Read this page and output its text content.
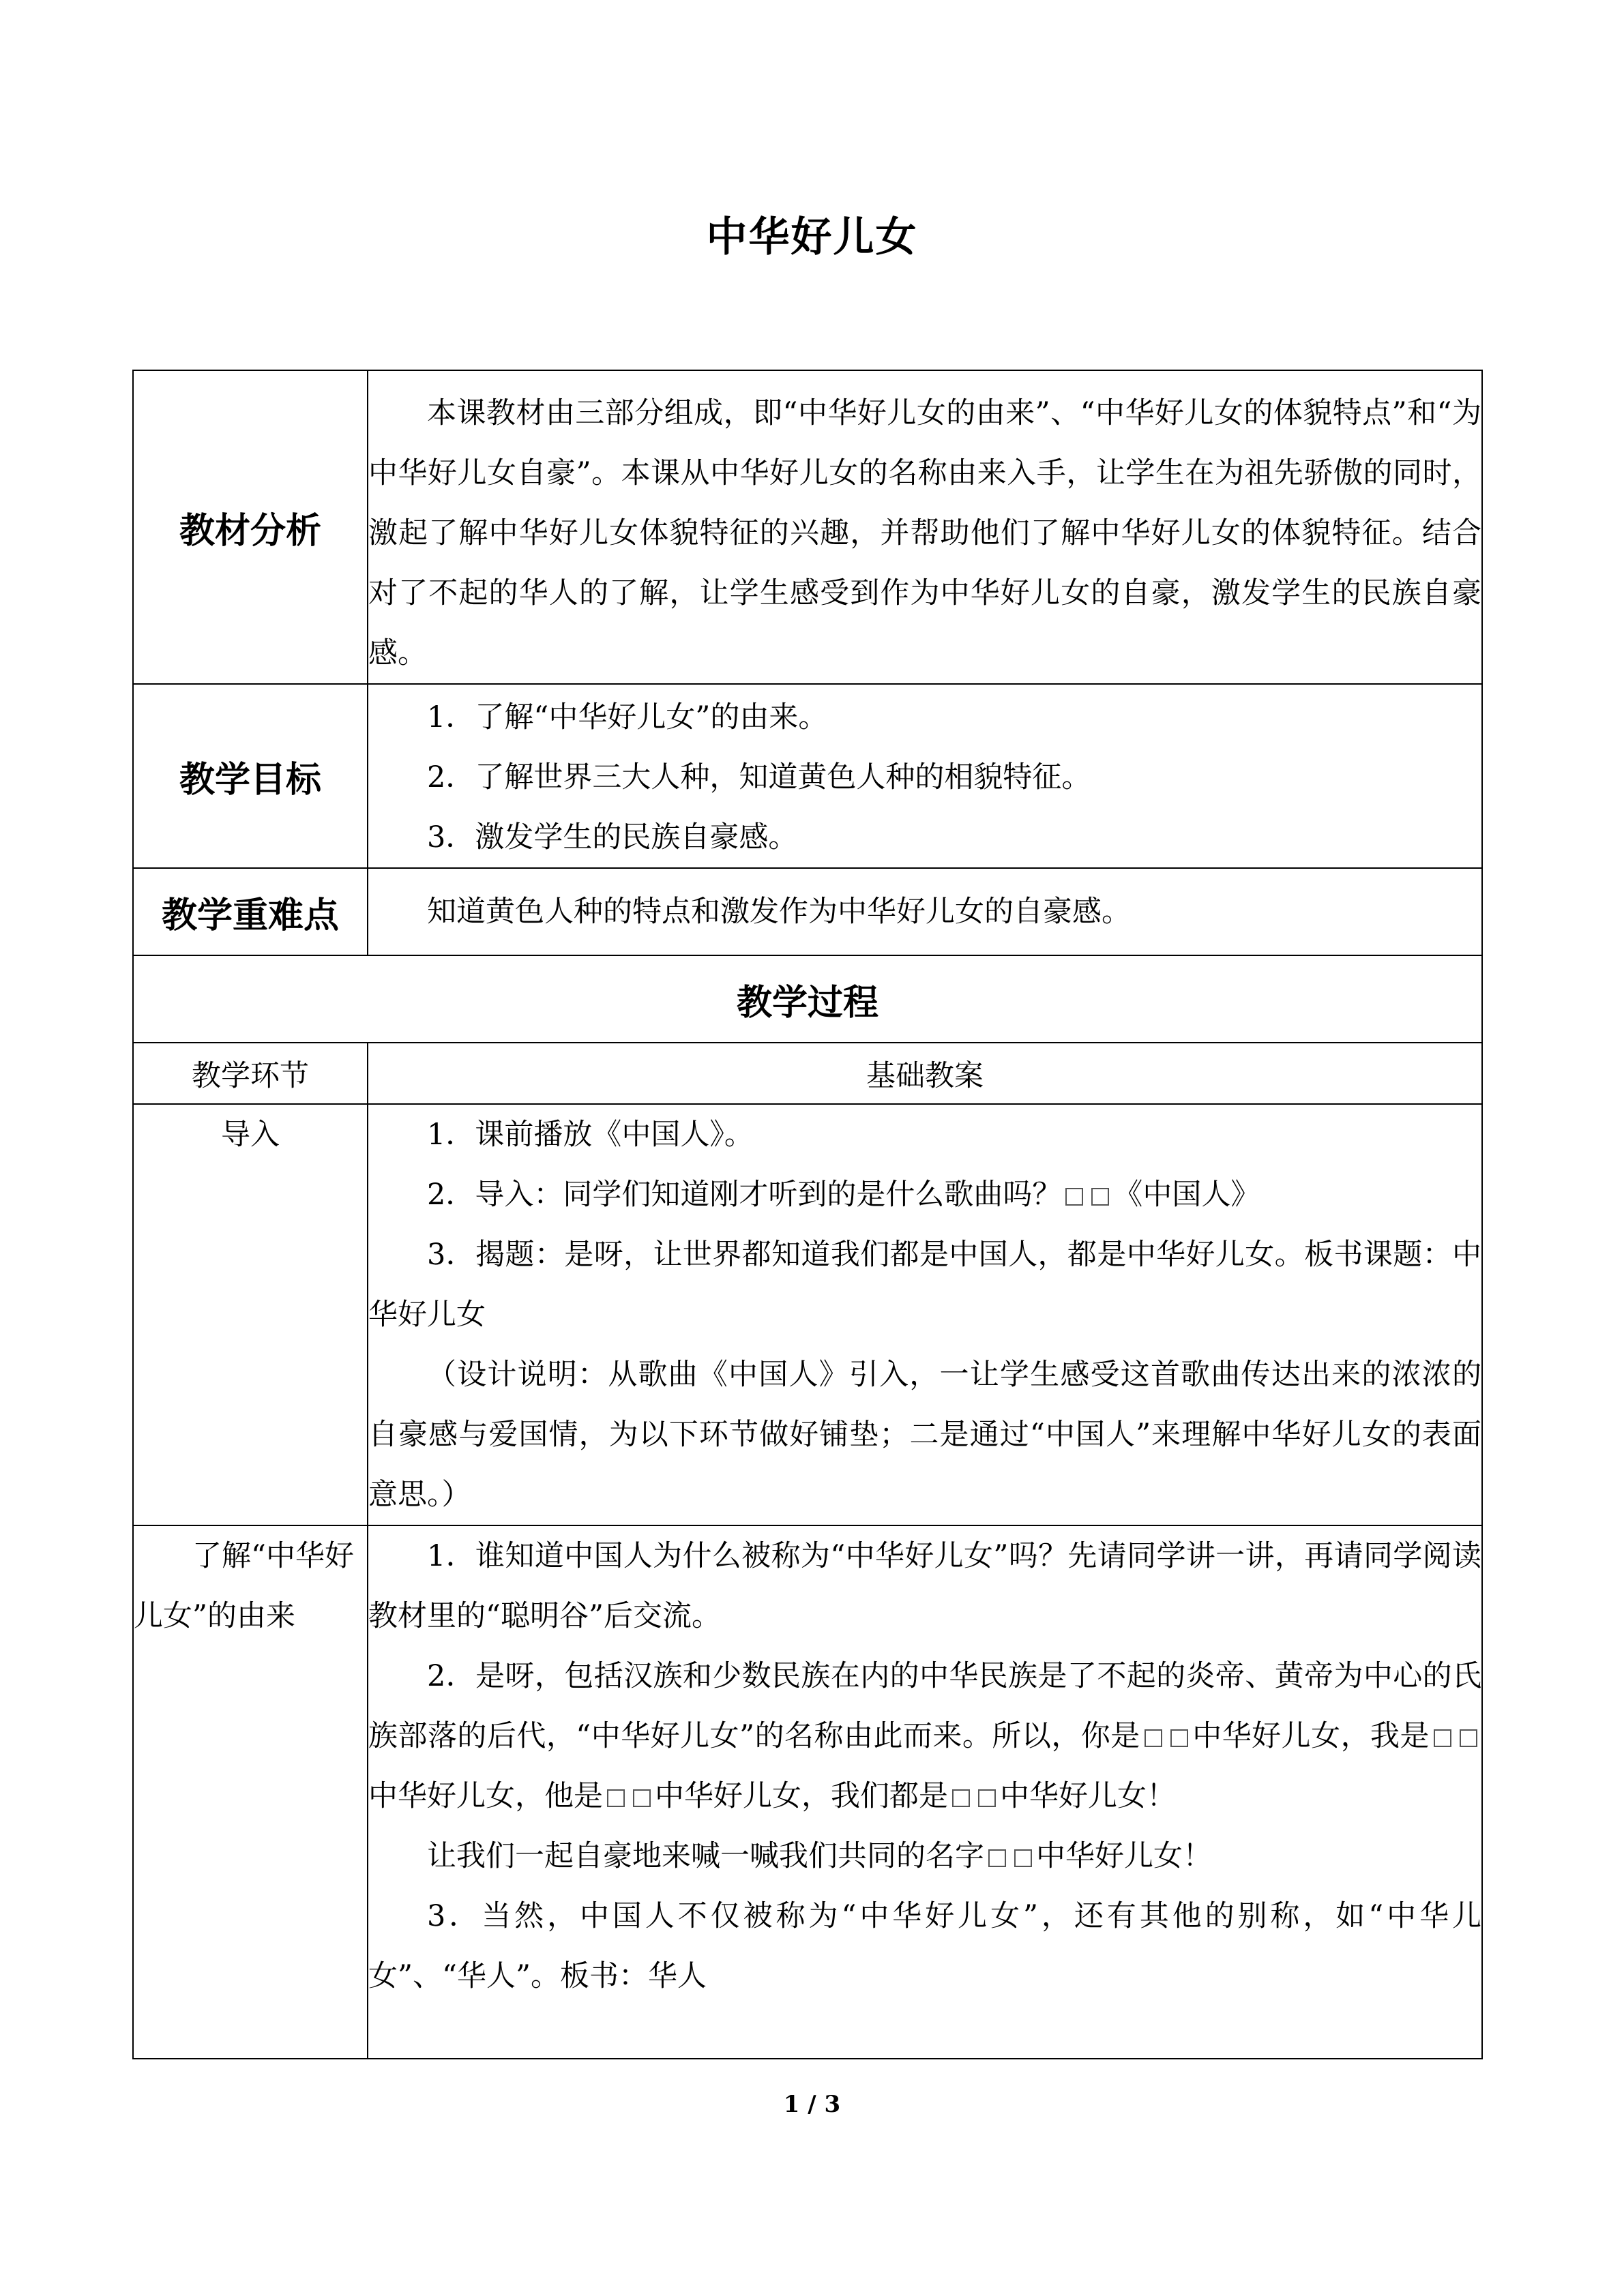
中华好儿女
教材分析	本课教材由三部分组成，即“中华好儿女的由来”、“中华好儿女的体貌特点”和“为中华好儿女自豪”。本课从中华好儿女的名称由来入手，让学生在为祖先骄傲的同时，激起了解中华好儿女体貌特征的兴趣，并帮助他们了解中华好儿女的体貌特征。结合对了不起的华人的了解，让学生感受到作为中华好儿女的自豪，激发学生的民族自豪感。

教学目标	1．了解“中华好儿女”的由来。

2．了解世界三大人种，知道黄色人种的相貌特征。

3．激发学生的民族自豪感。

教学重难点	知道黄色人种的特点和激发作为中华好儿女的自豪感。

教学过程	
教学环节	基础教案
导入	1．课前播放《中国人》。

2．导入：同学们知道刚才听到的是什么歌曲吗？ 《中国人》

3．揭题：是呀，让世界都知道我们都是中国人，都是中华好儿女。板书课题：中华好儿女

（设计说明：从歌曲《中国人》引入，一让学生感受这首歌曲传达出来的浓浓的自豪感与爱国情，为以下环节做好铺垫；二是通过“中国人”来理解中华好儿女的表面意思。）

了解“中华好儿女”的由来	1．谁知道中国人为什么被称为“中华好儿女”吗？先请同学讲一讲，再请同学阅读教材里的“聪明谷”后交流。

2．是呀，包括汉族和少数民族在内的中华民族是了不起的炎帝、黄帝为中心的氏族部落的后代，“中华好儿女”的名称由此而来。所以，你是 中华好儿女，我是中华好儿女，他是 中华好儿女，我们都是 中华好儿女！

让我们一起自豪地来喊一喊我们共同的名字 中华好儿女！

3．当然，中国人不仅被称为“中华好儿女”，还有其他的别称，如“中华儿女”、“华人”。板书：华人

1 / 3
